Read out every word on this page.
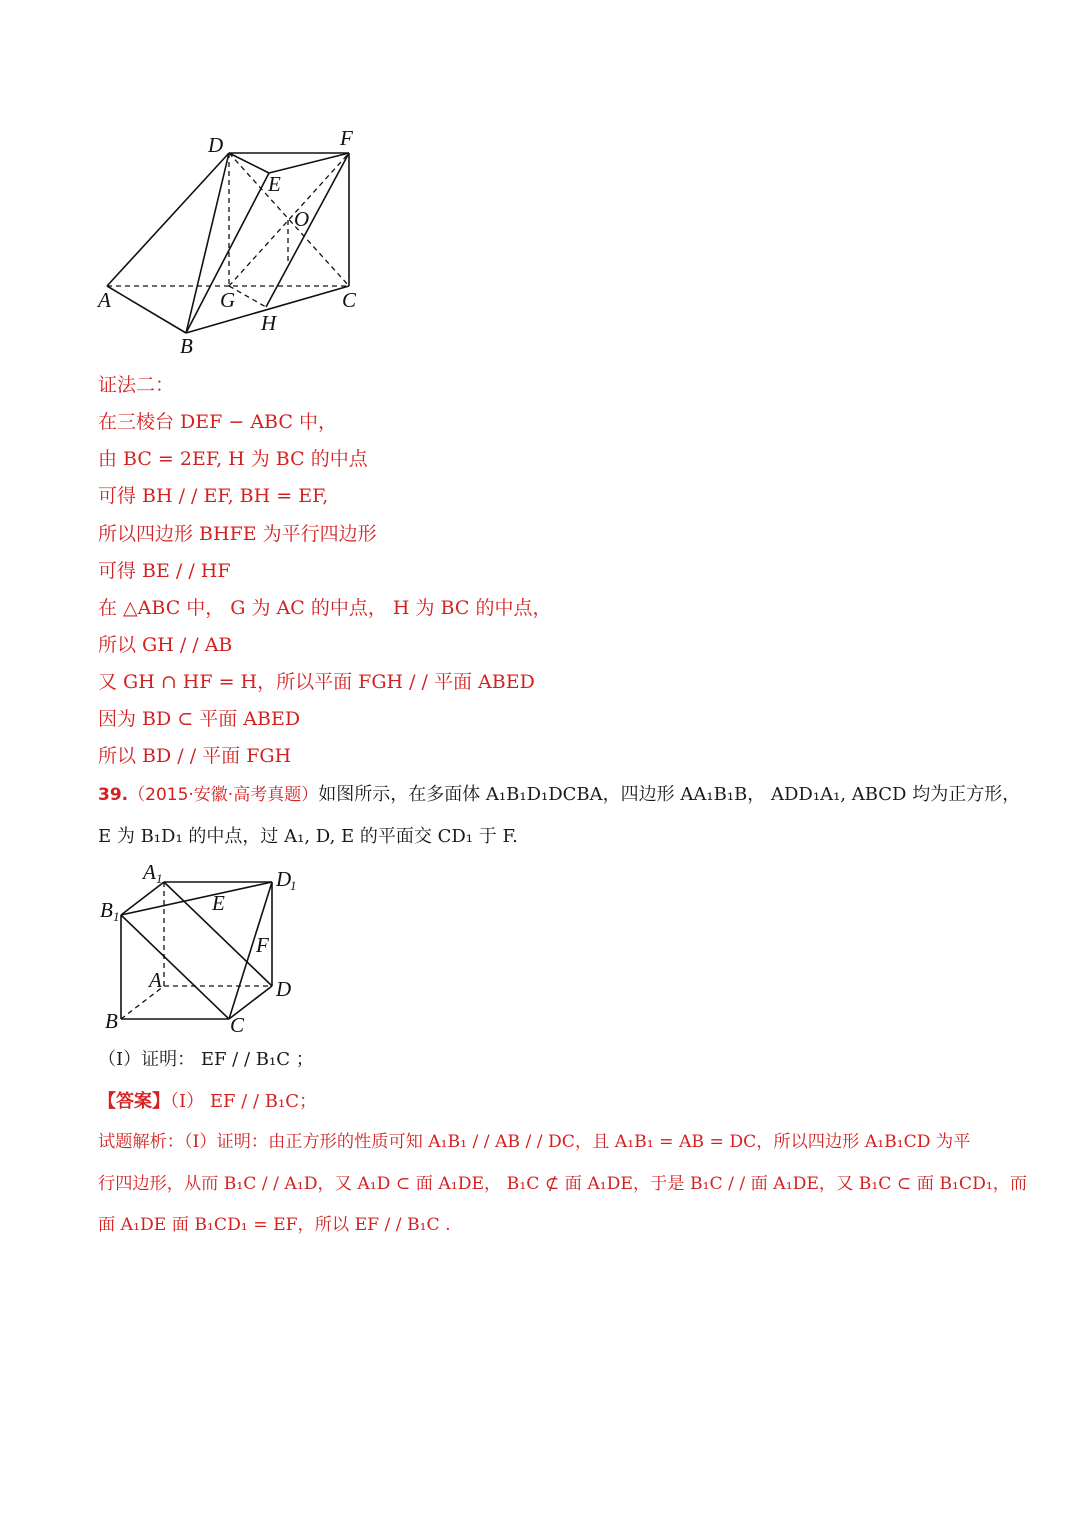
D	F
E
O
A	G	C
H
B
证法二：
在三棱台 DEF − ABC 中，
由 BC = 2EF, H 为 BC 的中点
可得 BH / / EF, BH = EF,
所以四边形 BHFE 为平行四边形
可得 BE / / HF
在 △ABC 中， G 为 AC 的中点， H 为 BC 的中点，
所以 GH / / AB
又 GH ∩ HF = H，所以平面 FGH / / 平面 ABED
因为 BD ⊂ 平面 ABED
所以 BD / / 平面 FGH
39.（2015·安徽·高考真题）如图所示，在多面体 A₁B₁D₁DCBA，四边形 AA₁B₁B， ADD₁A₁, ABCD 均为正方形，
E 为 B₁D₁ 的中点，过 A₁, D, E 的平面交 CD₁ 于 F.
A 1	D
1
B 1
E
F
A	D
B	C
（Ⅰ）证明： EF / / B₁C ；
【答案】（Ⅰ） EF / / B₁C；
试题解析：（Ⅰ）证明：由正方形的性质可知 A₁B₁ / / AB / / DC，且 A₁B₁ = AB = DC，所以四边形 A₁B₁CD 为平
行四边形，从而 B₁C / / A₁D，又 A₁D ⊂ 面 A₁DE， B₁C ⊄ 面 A₁DE，于是 B₁C / / 面 A₁DE，又 B₁C ⊂ 面 B₁CD₁，而
面 A₁DE 面 B₁CD₁ = EF，所以 EF / / B₁C .
